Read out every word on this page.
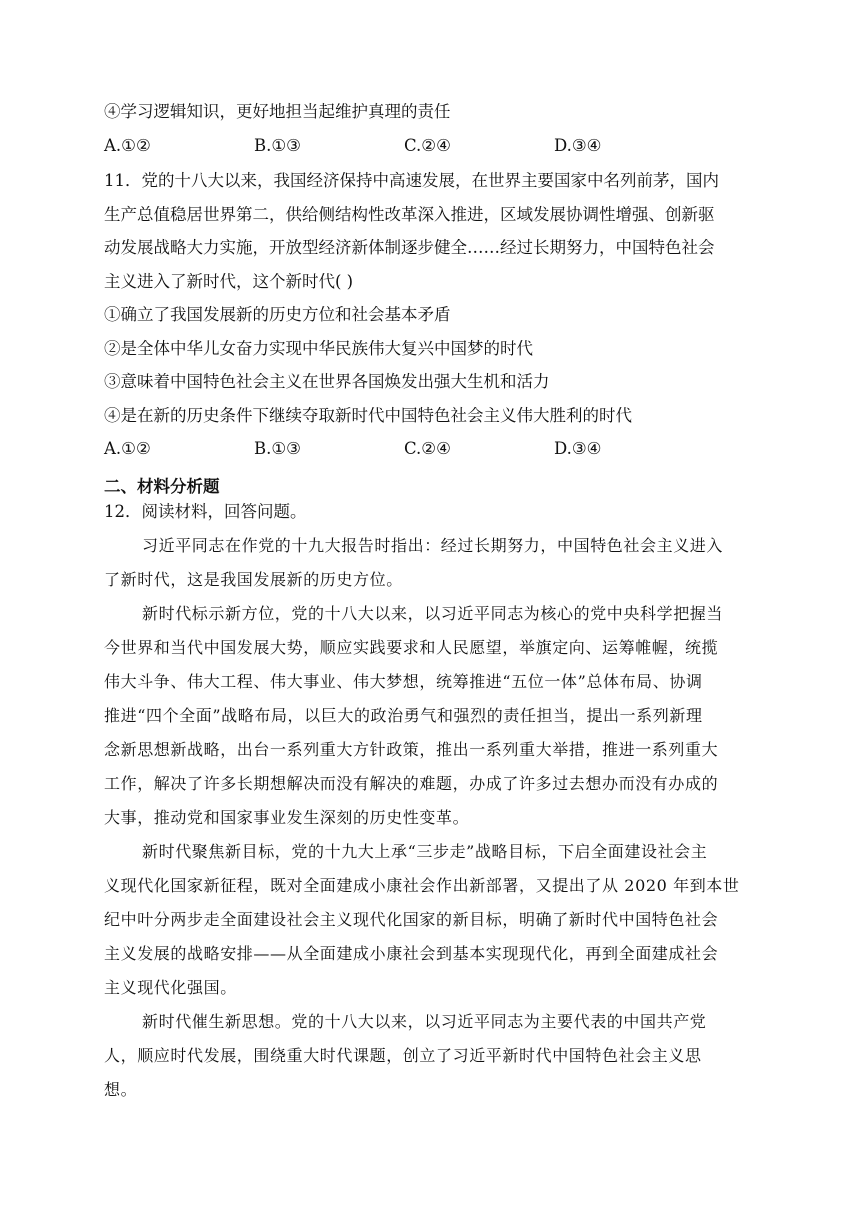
④学习逻辑知识，更好地担当起维护真理的责任

A.①②	B.①③	C.②④	D.③④

11．党的十八大以来，我国经济保持中高速发展，在世界主要国家中名列前茅，国内

生产总值稳居世界第二，供给侧结构性改革深入推进，区域发展协调性增强、创新驱

动发展战略大力实施，开放型经济新体制逐步健全……经过长期努力，中国特色社会

主义进入了新时代，这个新时代( )

①确立了我国发展新的历史方位和社会基本矛盾

②是全体中华儿女奋力实现中华民族伟大复兴中国梦的时代

③意味着中国特色社会主义在世界各国焕发出强大生机和活力

④是在新的历史条件下继续夺取新时代中国特色社会主义伟大胜利的时代

A.①②	B.①③	C.②④	D.③④
二、材料分析题

12．阅读材料，回答问题。

习近平同志在作党的十九大报告时指出：经过长期努力，中国特色社会主义进入
了新时代，这是我国发展新的历史方位。

新时代标示新方位，党的十八大以来，以习近平同志为核心的党中央科学把握当
今世界和当代中国发展大势，顺应实践要求和人民愿望，举旗定向、运筹帷幄，统揽
伟大斗争、伟大工程、伟大事业、伟大梦想，统筹推进“五位一体”总体布局、协调
推进“四个全面”战略布局，以巨大的政治勇气和强烈的责任担当，提出一系列新理
念新思想新战略，出台一系列重大方针政策，推出一系列重大举措，推进一系列重大
工作，解决了许多长期想解决而没有解决的难题，办成了许多过去想办而没有办成的
大事，推动党和国家事业发生深刻的历史性变革。

新时代聚焦新目标，党的十九大上承“三步走”战略目标，下启全面建设社会主
义现代化国家新征程，既对全面建成小康社会作出新部署，又提出了从 2020 年到本世
纪中叶分两步走全面建设社会主义现代化国家的新目标，明确了新时代中国特色社会
主义发展的战略安排——从全面建成小康社会到基本实现现代化，再到全面建成社会
主义现代化强国。

新时代催生新思想。党的十八大以来，以习近平同志为主要代表的中国共产党
人，顺应时代发展，围绕重大时代课题，创立了习近平新时代中国特色社会主义思
想。
